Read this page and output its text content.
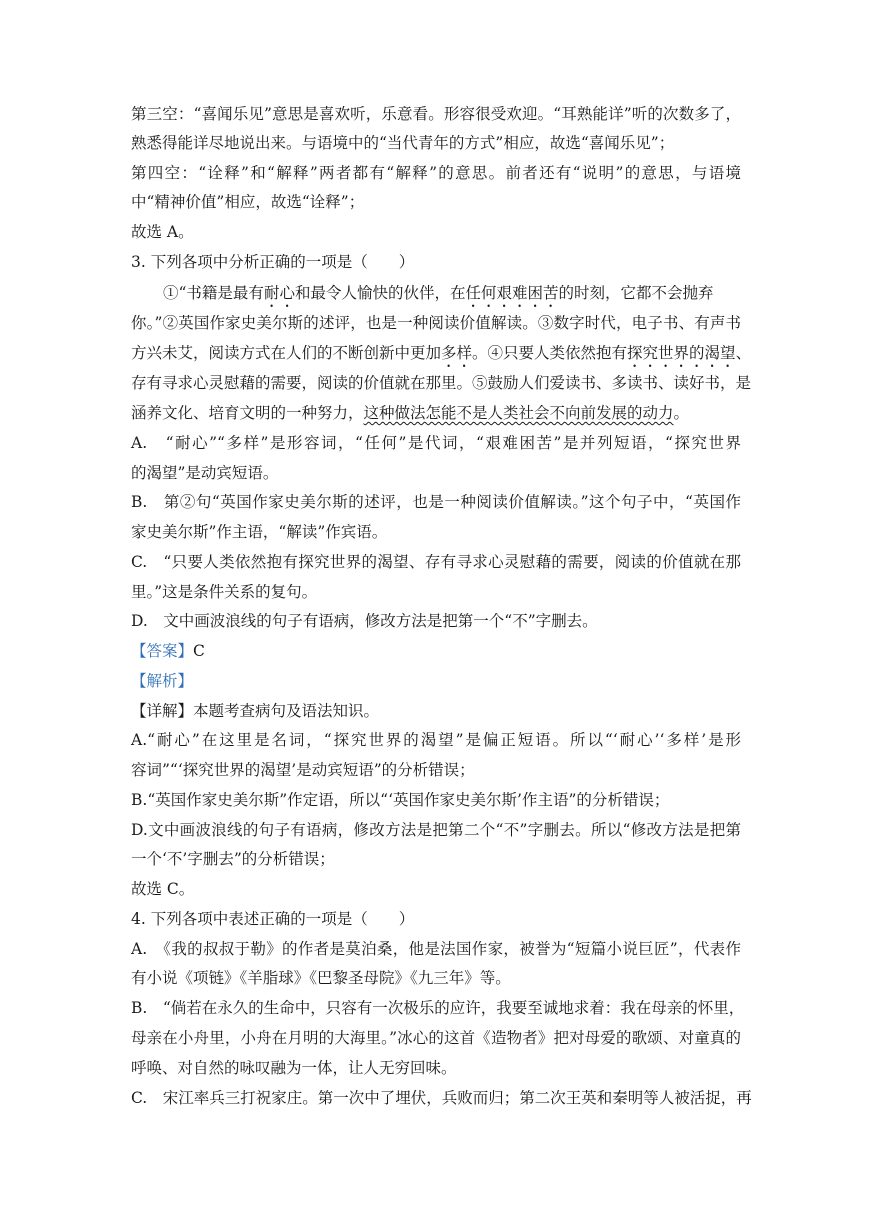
第三空：“喜闻乐见”意思是喜欢听，乐意看。形容很受欢迎。“耳熟能详”听的次数多了，
熟悉得能详尽地说出来。与语境中的“当代青年的方式”相应，故选“喜闻乐见”；
第四空：“诠释”和“解释”两者都有“解释”的意思。前者还有“说明”的意思，与语境
中“精神价值”相应，故选“诠释”；
故选 A。
3. 下列各项中分析正确的一项是（　　）
①“书籍是最有耐心和最令人愉快的伙伴，在任何艰难困苦的时刻，它都不会抛弃
你。”②英国作家史美尔斯的述评，也是一种阅读价值解读。③数字时代，电子书、有声书
方兴未艾，阅读方式在人们的不断创新中更加多样。④只要人类依然抱有探究世界的渴望、
存有寻求心灵慰藉的需要，阅读的价值就在那里。⑤鼓励人们爱读书、多读书、读好书，是
涵养文化、培育文明的一种努力，这种做法怎能不是人类社会不向前发展的动力。
A.　“耐心”“多样”是形容词，“任何”是代词，“艰难困苦”是并列短语，“探究世界
的渴望”是动宾短语。
B.　第②句“英国作家史美尔斯的述评，也是一种阅读价值解读。”这个句子中，“英国作
家史美尔斯”作主语，“解读”作宾语。
C.　“只要人类依然抱有探究世界的渴望、存有寻求心灵慰藉的需要，阅读的价值就在那
里。”这是条件关系的复句。
D.　文中画波浪线的句子有语病，修改方法是把第一个“不”字删去。
【答案】C
【解析】
【详解】本题考查病句及语法知识。
A.“耐心”在这里是名词，“探究世界的渴望”是偏正短语。所以“‘耐心’‘多样’是形
容词”“‘探究世界的渴望’是动宾短语”的分析错误；
B.“英国作家史美尔斯”作定语，所以“‘英国作家史美尔斯’作主语”的分析错误；
D.文中画波浪线的句子有语病，修改方法是把第二个“不”字删去。所以“修改方法是把第
一个‘不’字删去”的分析错误；
故选 C。
4. 下列各项中表述正确的一项是（　　）
A.　《我的叔叔于勒》的作者是莫泊桑，他是法国作家，被誉为“短篇小说巨匠”，代表作
有小说《项链》《羊脂球》《巴黎圣母院》《九三年》等。
B.　“倘若在永久的生命中，只容有一次极乐的应许，我要至诚地求着：我在母亲的怀里，
母亲在小舟里，小舟在月明的大海里。”冰心的这首《造物者》把对母爱的歌颂、对童真的
呼唤、对自然的咏叹融为一体，让人无穷回味。
C.　宋江率兵三打祝家庄。第一次中了埋伏，兵败而归；第二次王英和秦明等人被活捉，再
